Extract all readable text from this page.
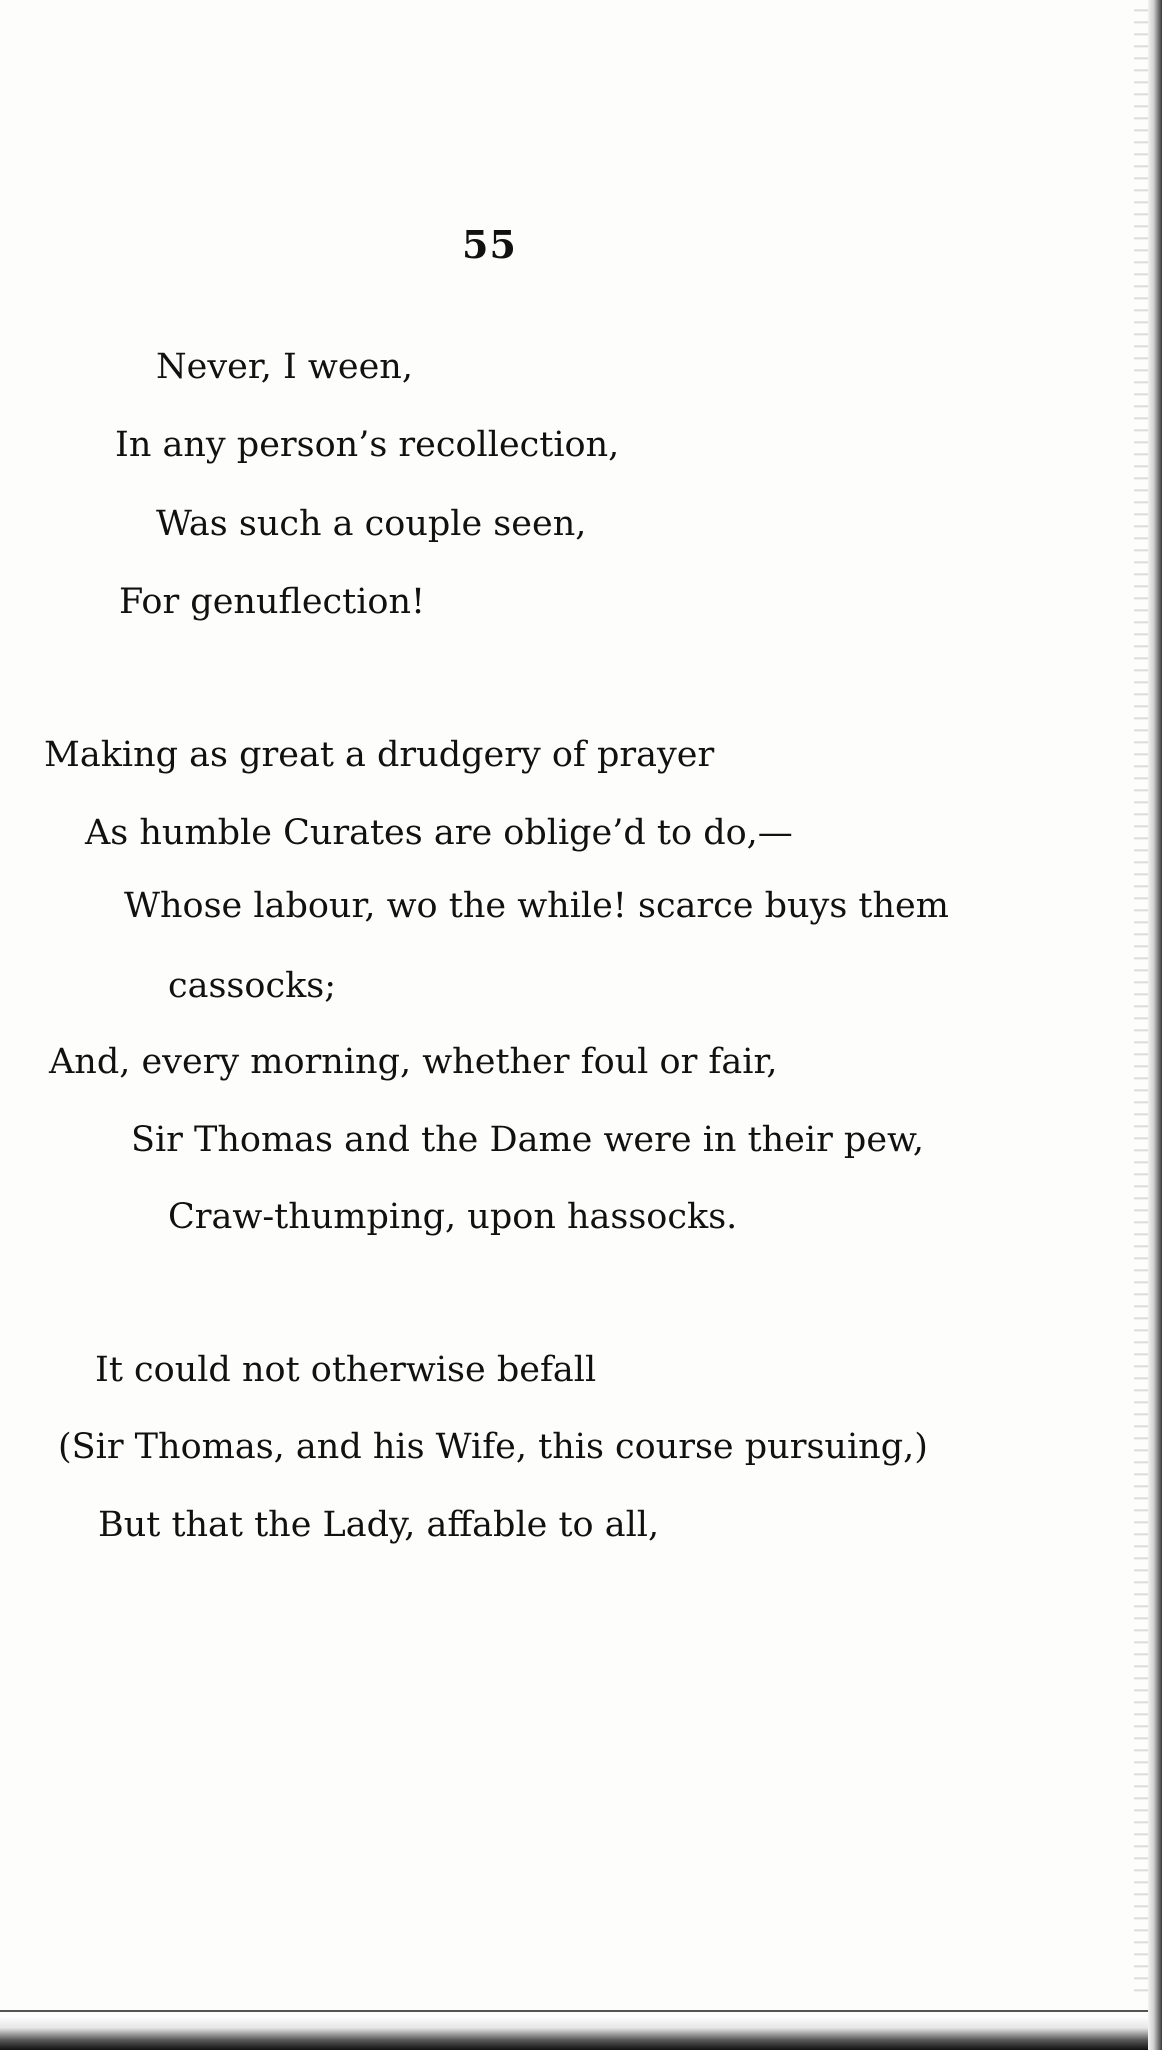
55
Never, I ween,
In any person’s recollection,
Was such a couple seen,
For genuflection!
Making as great a drudgery of prayer
As humble Curates are oblige’d to do,—
Whose labour, wo the while! scarce buys them
cassocks;
And, every morning, whether foul or fair,
Sir Thomas and the Dame were in their pew,
Craw-thumping, upon hassocks.
It could not otherwise befall
(Sir Thomas, and his Wife, this course pursuing,)
But that the Lady, affable to all,
